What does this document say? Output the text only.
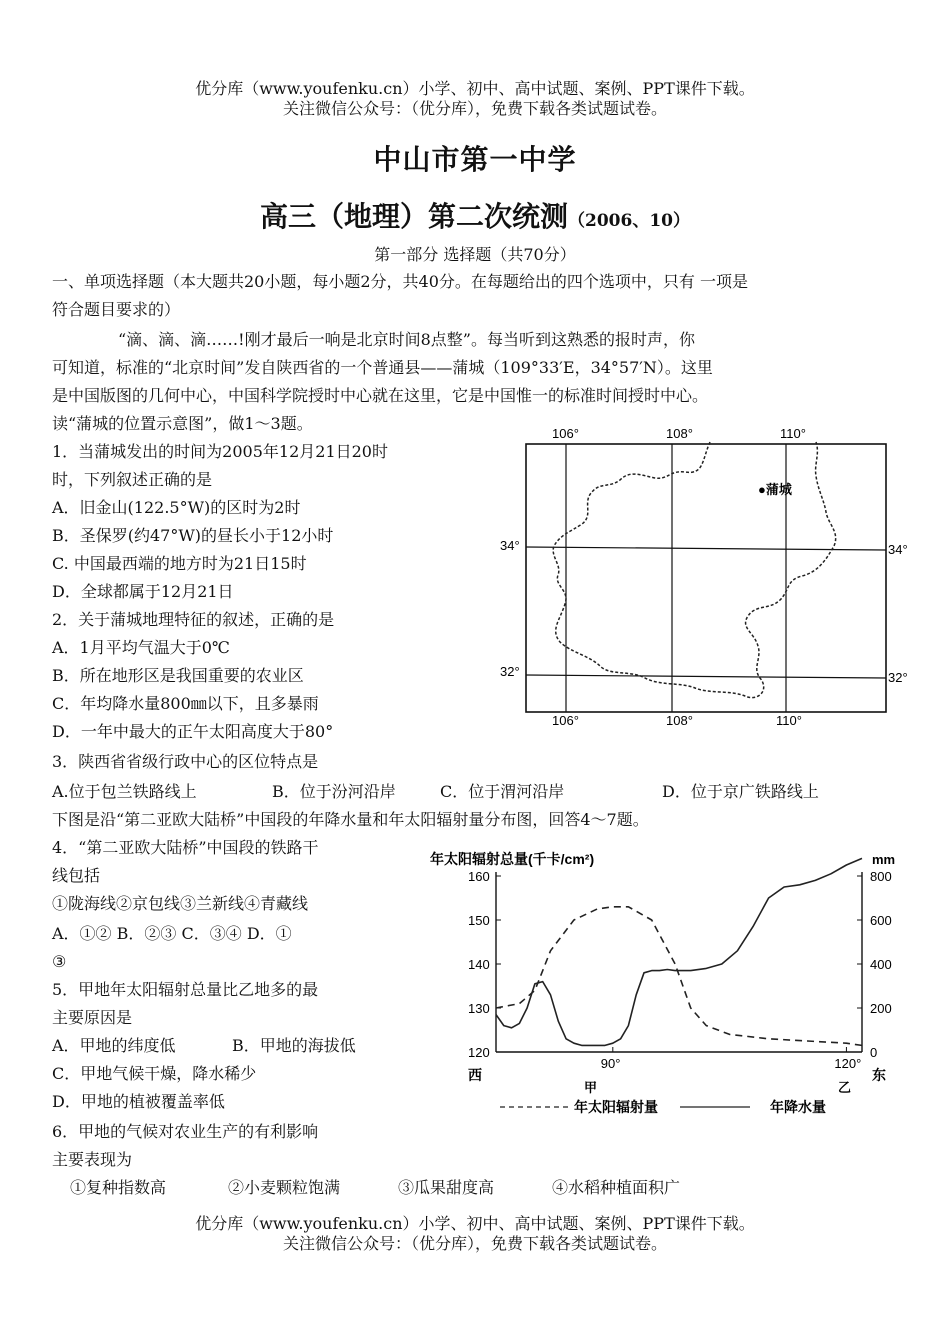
优分库（www.youfenku.cn）小学、初中、高中试题、案例、PPT课件下载。
关注微信公众号：（优分库），免费下载各类试题试卷。
中山市第一中学
高三（地理）第二次统测（2006、10）
第一部分 选择题（共70分）
一、单项选择题（本大题共20小题，每小题2分，共40分。在每题给出的四个选项中，只有 一项是
符合题目要求的）
“滴、滴、滴……!刚才最后一响是北京时间8点整”。每当听到这熟悉的报时声，你
可知道，标准的“北京时间”发自陕西省的一个普通县——蒲城（109°33′E，34°57′N）。这里
是中国版图的几何中心，中国科学院授时中心就在这里，它是中国惟一的标准时间授时中心。
读“蒲城的位置示意图”，做1～3题。
1．当蒲城发出的时间为2005年12月21日20时
时，下列叙述正确的是
A．旧金山(122.5°W)的区时为2时
B．圣保罗(约47°W)的昼长小于12小时
C. 中国最西端的地方时为21日15时
D．全球都属于12月21日
2．关于蒲城地理特征的叙述，正确的是
A．1月平均气温大于0℃
B．所在地形区是我国重要的农业区
C．年均降水量800㎜以下，且多暴雨
D．一年中最大的正午太阳高度大于80°
3．陕西省省级行政中心的区位特点是
A.位于包兰铁路线上	B．位于汾河沿岸	C．位于渭河沿岸	D．位于京广铁路线上
下图是沿“第二亚欧大陆桥”中国段的年降水量和年太阳辐射量分布图，回答4～7题。
4．“第二亚欧大陆桥”中国段的铁路干
线包括
①陇海线②京包线③兰新线④青藏线
A．①② B．②③ C．③④ D．①
③
5．甲地年太阳辐射总量比乙地多的最
主要原因是
A．甲地的纬度低	B．甲地的海拔低
C．甲地气候干燥，降水稀少
D．甲地的植被覆盖率低
6．甲地的气候对农业生产的有利影响
主要表现为
①复种指数高	②小麦颗粒饱满	③瓜果甜度高	④水稻种植面积广
优分库（www.youfenku.cn）小学、初中、高中试题、案例、PPT课件下载。
关注微信公众号：（优分库），免费下载各类试题试卷。
●蒲城
106°	108°	110°
106°	108°	110°
34°	34°
32°	32°
年太阳辐射总量(千卡/cm²)	mm
160
150
140
130
120
800
600
400
200
0
90°	120°
西	东
甲	乙
年太阳辐射量	年降水量
